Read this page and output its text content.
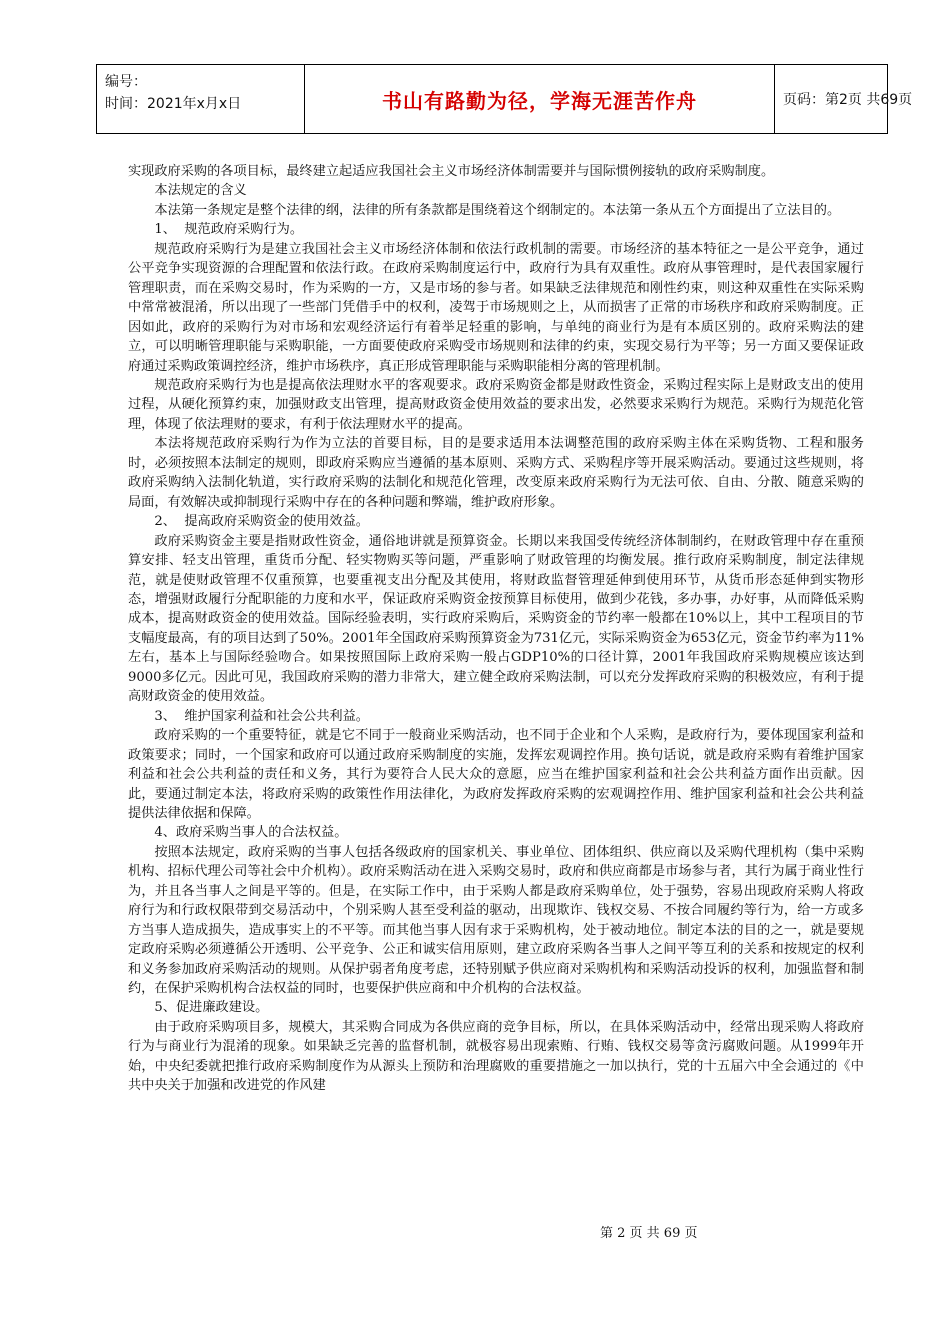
编号：
时间：2021年x月x日	书山有路勤为径，学海无涯苦作舟	页码：第2页 共69页

实现政府采购的各项目标，最终建立起适应我国社会主义市场经济体制需要并与国际惯例接轨的政府采购制度。

本法规定的含义

本法第一条规定是整个法律的纲，法律的所有条款都是围绕着这个纲制定的。本法第一条从五个方面提出了立法目的。

1、  规范政府采购行为。

规范政府采购行为是建立我国社会主义市场经济体制和依法行政机制的需要。市场经济的基本特征之一是公平竞争，通过公平竞争实现资源的合理配置和依法行政。在政府采购制度运行中，政府行为具有双重性。政府从事管理时，是代表国家履行管理职责，而在采购交易时，作为采购的一方，又是市场的参与者。如果缺乏法律规范和刚性约束，则这种双重性在实际采购中常常被混淆，所以出现了一些部门凭借手中的权利，凌驾于市场规则之上，从而损害了正常的市场秩序和政府采购制度。正因如此，政府的采购行为对市场和宏观经济运行有着举足轻重的影响，与单纯的商业行为是有本质区别的。政府采购法的建立，可以明晰管理职能与采购职能，一方面要使政府采购受市场规则和法律的约束，实现交易行为平等；另一方面又要保证政府通过采购政策调控经济，维护市场秩序，真正形成管理职能与采购职能相分离的管理机制。

规范政府采购行为也是提高依法理财水平的客观要求。政府采购资金都是财政性资金，采购过程实际上是财政支出的使用过程，从硬化预算约束，加强财政支出管理，提高财政资金使用效益的要求出发，必然要求采购行为规范。采购行为规范化管理，体现了依法理财的要求，有利于依法理财水平的提高。

本法将规范政府采购行为作为立法的首要目标，目的是要求适用本法调整范围的政府采购主体在采购货物、工程和服务时，必须按照本法制定的规则，即政府采购应当遵循的基本原则、采购方式、采购程序等开展采购活动。要通过这些规则，将政府采购纳入法制化轨道，实行政府采购的法制化和规范化管理，改变原来政府采购行为无法可依、自由、分散、随意采购的局面，有效解决或抑制现行采购中存在的各种问题和弊端，维护政府形象。

2、  提高政府采购资金的使用效益。

政府采购资金主要是指财政性资金，通俗地讲就是预算资金。长期以来我国受传统经济体制制约，在财政管理中存在重预算安排、轻支出管理，重货币分配、轻实物购买等问题，严重影响了财政管理的均衡发展。推行政府采购制度，制定法律规范，就是使财政管理不仅重预算，也要重视支出分配及其使用，将财政监督管理延伸到使用环节，从货币形态延伸到实物形态，增强财政履行分配职能的力度和水平，保证政府采购资金按预算目标使用，做到少花钱，多办事，办好事，从而降低采购成本，提高财政资金的使用效益。国际经验表明，实行政府采购后，采购资金的节约率一般都在10%以上，其中工程项目的节支幅度最高，有的项目达到了50%。2001年全国政府采购预算资金为731亿元，实际采购资金为653亿元，资金节约率为11%左右，基本上与国际经验吻合。如果按照国际上政府采购一般占GDP10%的口径计算，2001年我国政府采购规模应该达到9000多亿元。因此可见，我国政府采购的潜力非常大，建立健全政府采购法制，可以充分发挥政府采购的积极效应，有利于提高财政资金的使用效益。

3、  维护国家利益和社会公共利益。

政府采购的一个重要特征，就是它不同于一般商业采购活动，也不同于企业和个人采购，是政府行为，要体现国家利益和政策要求；同时，一个国家和政府可以通过政府采购制度的实施，发挥宏观调控作用。换句话说，就是政府采购有着维护国家利益和社会公共利益的责任和义务，其行为要符合人民大众的意愿，应当在维护国家利益和社会公共利益方面作出贡献。因此，要通过制定本法，将政府采购的政策性作用法律化，为政府发挥政府采购的宏观调控作用、维护国家利益和社会公共利益提供法律依据和保障。

4、政府采购当事人的合法权益。

按照本法规定，政府采购的当事人包括各级政府的国家机关、事业单位、团体组织、供应商以及采购代理机构（集中采购机构、招标代理公司等社会中介机构）。政府采购活动在进入采购交易时，政府和供应商都是市场参与者，其行为属于商业性行为，并且各当事人之间是平等的。但是，在实际工作中，由于采购人都是政府采购单位，处于强势，容易出现政府采购人将政府行为和行政权限带到交易活动中，个别采购人甚至受利益的驱动，出现欺诈、钱权交易、不按合同履约等行为，给一方或多方当事人造成损失，造成事实上的不平等。而其他当事人因有求于采购机构，处于被动地位。制定本法的目的之一，就是要规定政府采购必须遵循公开透明、公平竞争、公正和诚实信用原则，建立政府采购各当事人之间平等互利的关系和按规定的权利和义务参加政府采购活动的规则。从保护弱者角度考虑，还特别赋予供应商对采购机构和采购活动投诉的权利，加强监督和制约，在保护采购机构合法权益的同时，也要保护供应商和中介机构的合法权益。

5、促进廉政建设。

由于政府采购项目多，规模大，其采购合同成为各供应商的竞争目标，所以，在具体采购活动中，经常出现采购人将政府行为与商业行为混淆的现象。如果缺乏完善的监督机制，就极容易出现索贿、行贿、钱权交易等贪污腐败问题。从1999年开始，中央纪委就把推行政府采购制度作为从源头上预防和治理腐败的重要措施之一加以执行，党的十五届六中全会通过的《中共中央关于加强和改进党的作风建

第 2 页 共 69 页
